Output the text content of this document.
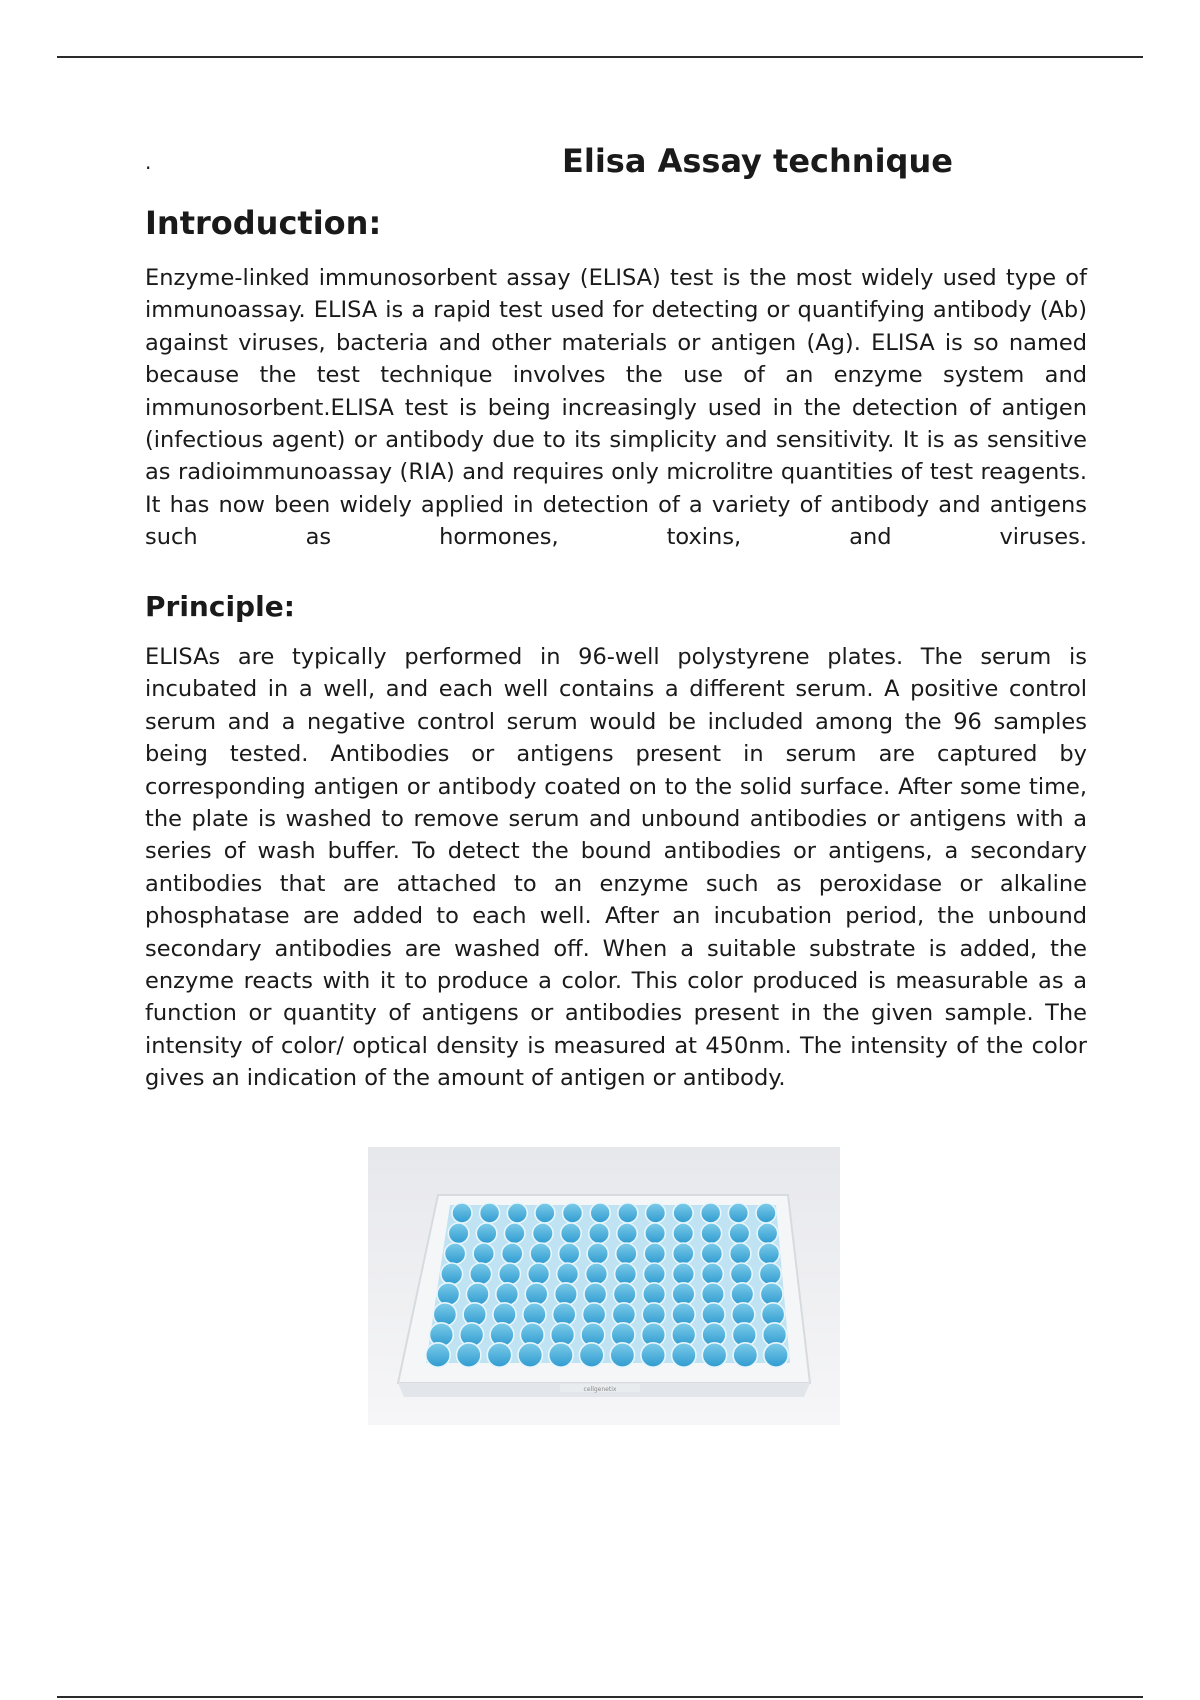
.	Elisa Assay technique
Introduction:

Enzyme-linked immunosorbent assay (ELISA) test is the most widely used type of immunoassay. ELISA is a rapid test used for detecting or quantifying antibody (Ab) against viruses, bacteria and other materials or antigen (Ag). ELISA is so named because the test technique involves the use of an enzyme system and immunosorbent.ELISA test is being increasingly used in the detection of antigen (infectious agent) or antibody due to its simplicity and sensitivity. It is as sensitive as radioimmunoassay (RIA) and requires only microlitre quantities of test reagents. It has now been widely applied in detection of a variety of antibody and antigens such as hormones, toxins, and viruses.

Principle:

ELISAs are typically performed in 96-well polystyrene plates. The serum is incubated in a well, and each well contains a different serum. A positive control serum and a negative control serum would be included among the 96 samples being tested. Antibodies or antigens present in serum are captured by corresponding antigen or antibody coated on to the solid surface. After some time, the plate is washed to remove serum and unbound antibodies or antigens with a series of wash buffer. To detect the bound antibodies or antigens, a secondary antibodies that are attached to an enzyme such as peroxidase or alkaline phosphatase are added to each well. After an incubation period, the unbound secondary antibodies are washed off. When a suitable substrate is added, the enzyme reacts with it to produce a color. This color produced is measurable as a function or quantity of antigens or antibodies present in the given sample. The intensity of color/ optical density is measured at 450nm. The intensity of the color gives an indication of the amount of antigen or antibody.

cellgenetix
